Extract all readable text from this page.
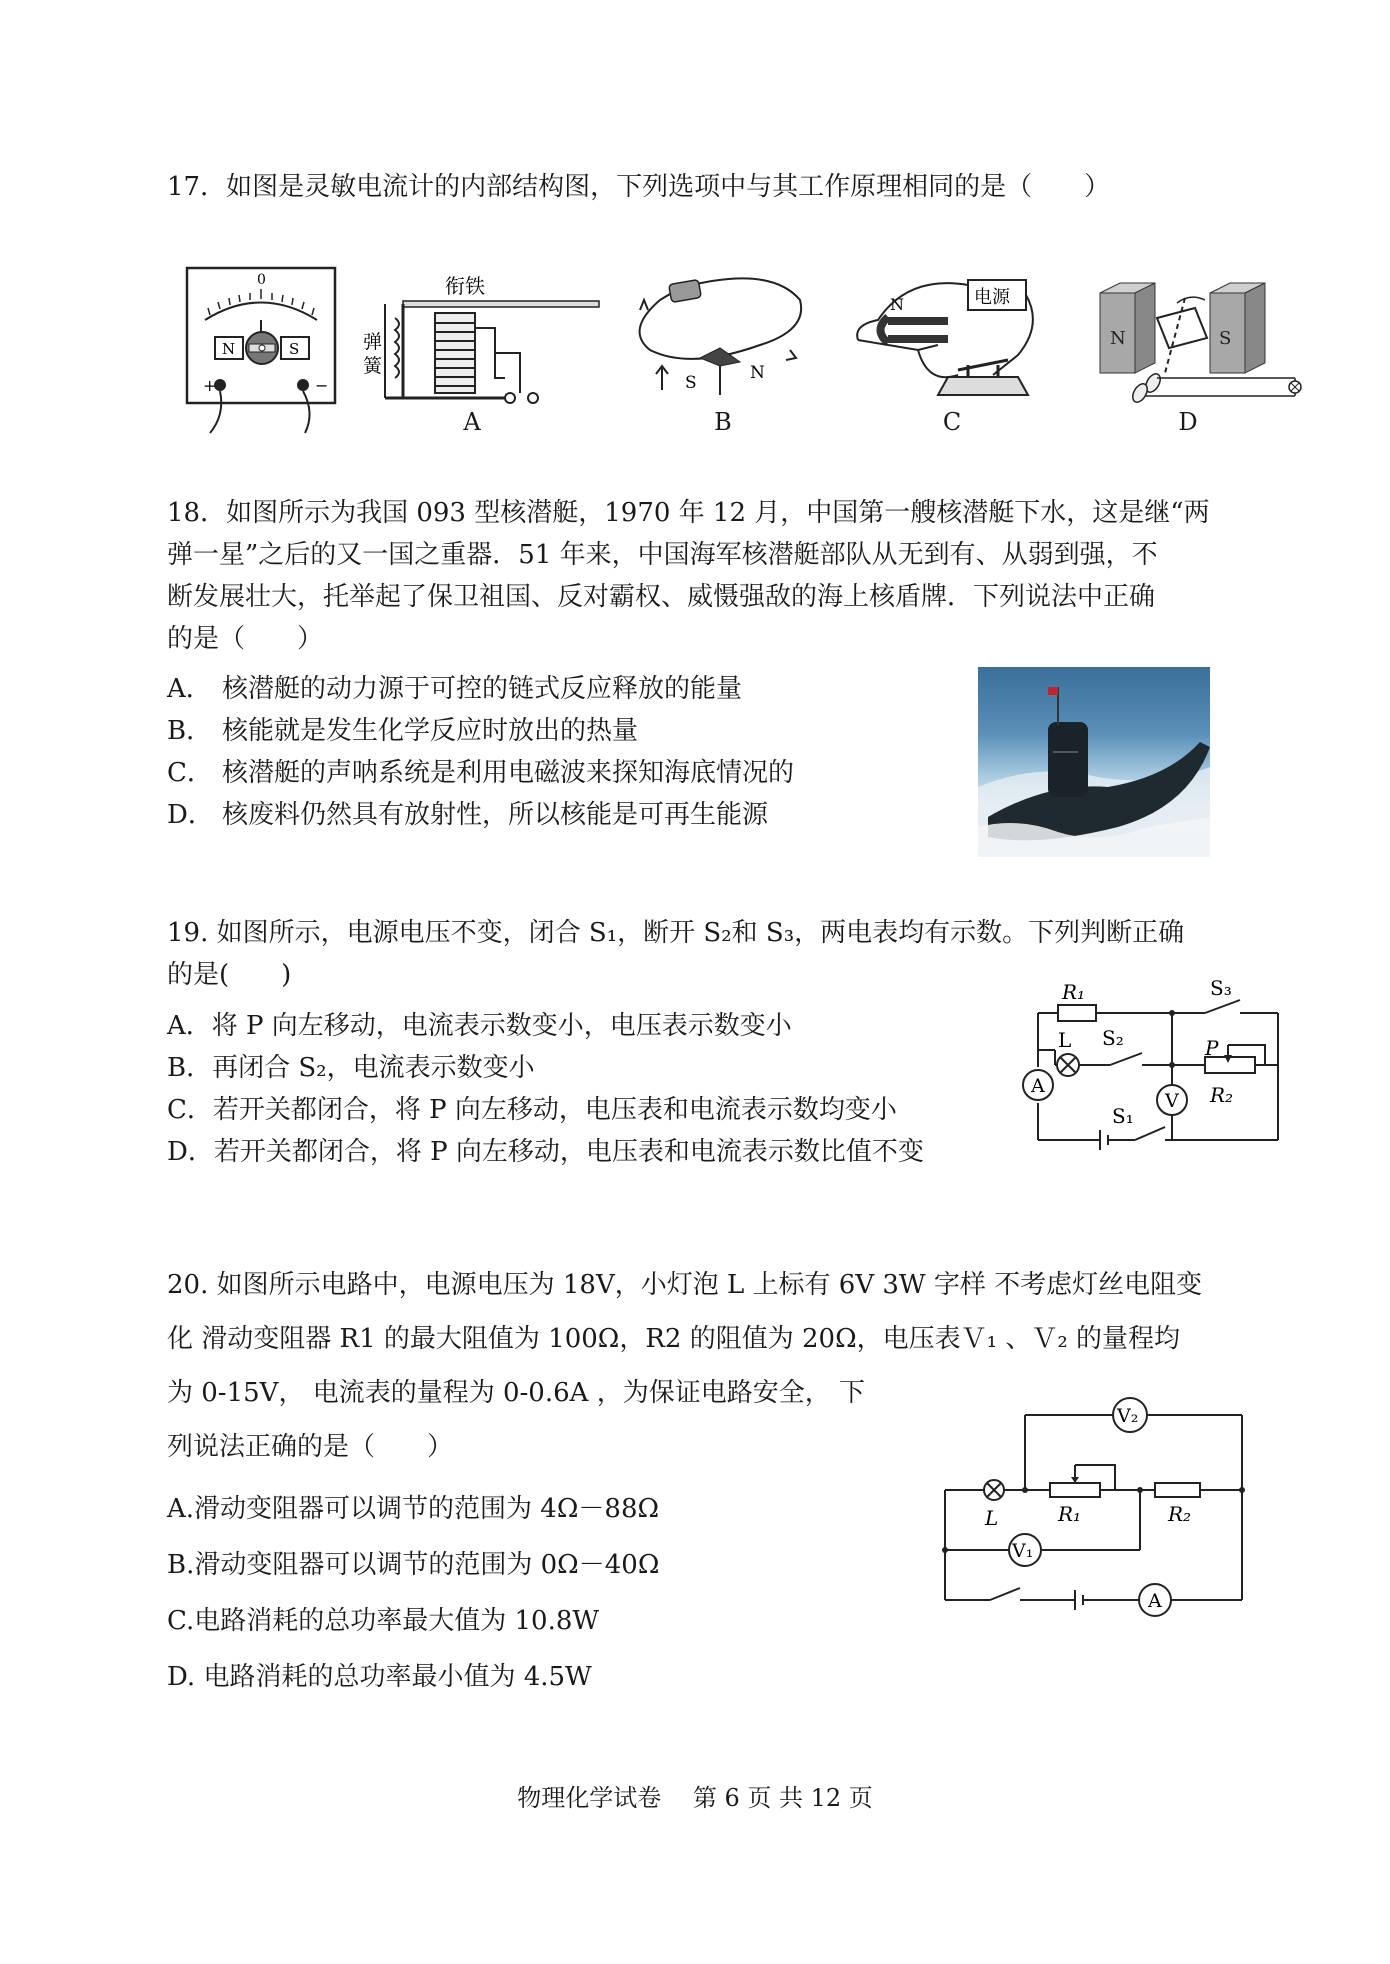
17．如图是灵敏电流计的内部结构图，下列选项中与其工作原理相同的是（　　）
0
N	S
+	−
衔铁
弹
簧
A
S	N
B
N	电源
C
N	S
D
18．如图所示为我国 093 型核潜艇，1970 年 12 月，中国第一艘核潜艇下水，这是继“两
弹一星”之后的又一国之重器．51 年来，中国海军核潜艇部队从无到有、从弱到强，不
断发展壮大，托举起了保卫祖国、反对霸权、威慑强敌的海上核盾牌．下列说法中正确
的是（　　）
A． 核潜艇的动力源于可控的链式反应释放的能量
B． 核能就是发生化学反应时放出的热量
C． 核潜艇的声呐系统是利用电磁波来探知海底情况的
D． 核废料仍然具有放射性，所以核能是可再生能源
19. 如图所示，电源电压不变，闭合 S₁，断开 S₂和 S₃，两电表均有示数。下列判断正确
的是(　　)
A．将 P 向左移动，电流表示数变小，电压表示数变小
B．再闭合 S₂，电流表示数变小
C．若开关都闭合，将 P 向左移动，电压表和电流表示数均变小
D．若开关都闭合，将 P 向左移动，电压表和电流表示数比值不变
R₁	S₃
L S₂	P
R₂
S₁
A
V
20. 如图所示电路中，电源电压为 18V，小灯泡 L 上标有 6V 3W 字样 不考虑灯丝电阻变
化 滑动变阻器 R1 的最大阻值为 100Ω，R2 的阻值为 20Ω，电压表Ｖ₁ 、Ｖ₂ 的量程均
为 0-15V， 电流表的量程为 0-0.6A ，为保证电路安全， 下
列说法正确的是（　　）
A.滑动变阻器可以调节的范围为 4Ω－88Ω
B.滑动变阻器可以调节的范围为 0Ω－40Ω
C.电路消耗的总功率最大值为 10.8W
D. 电路消耗的总功率最小值为 4.5W
V₂
V₁
A
L	R₁	R₂
物理化学试卷　 第 6 页 共 12 页
